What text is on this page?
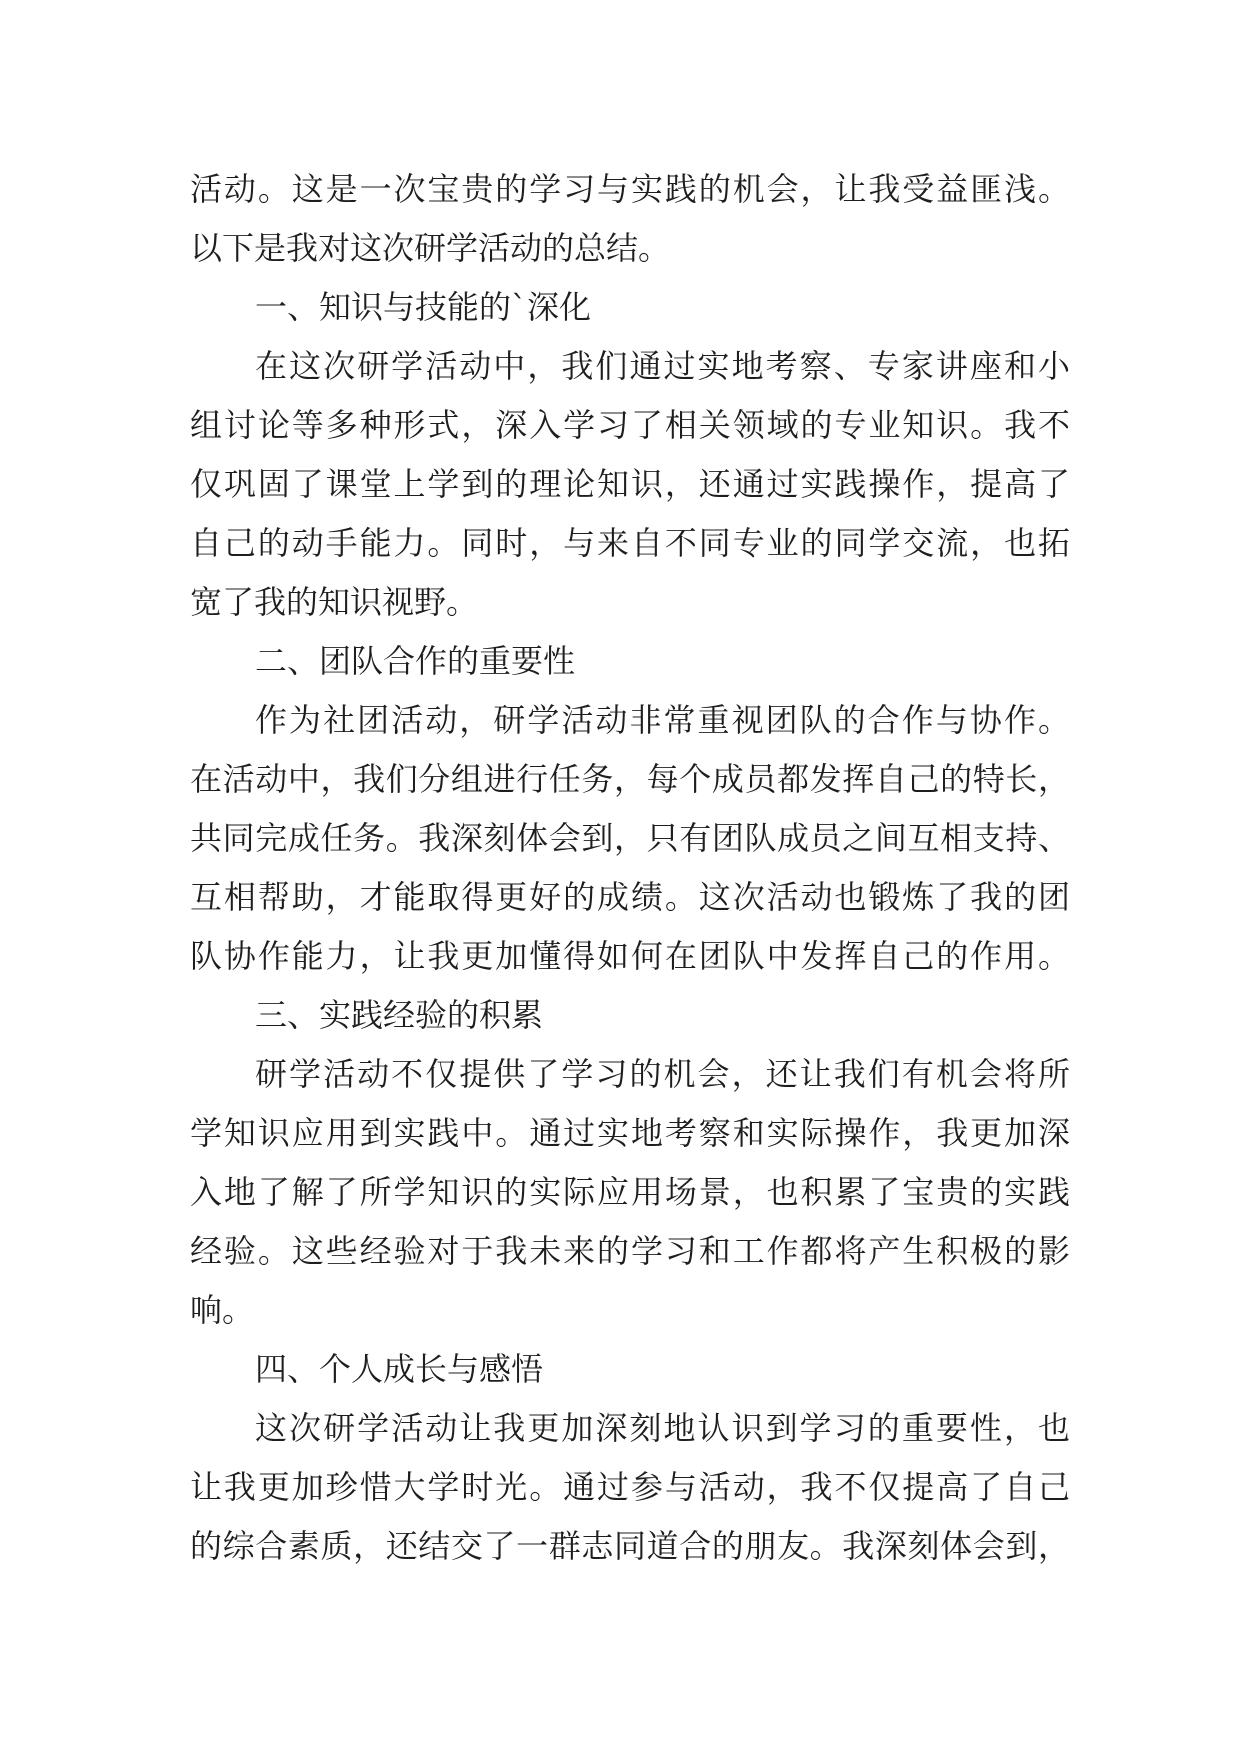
活动。这是一次宝贵的学习与实践的机会，让我受益匪浅。
以下是我对这次研学活动的总结。
一、知识与技能的`深化
在这次研学活动中，我们通过实地考察、专家讲座和小
组讨论等多种形式，深入学习了相关领域的专业知识。我不
仅巩固了课堂上学到的理论知识，还通过实践操作，提高了
自己的动手能力。同时，与来自不同专业的同学交流，也拓
宽了我的知识视野。
二、团队合作的重要性
作为社团活动，研学活动非常重视团队的合作与协作。
在活动中，我们分组进行任务，每个成员都发挥自己的特长，
共同完成任务。我深刻体会到，只有团队成员之间互相支持、
互相帮助，才能取得更好的成绩。这次活动也锻炼了我的团
队协作能力，让我更加懂得如何在团队中发挥自己的作用。
三、实践经验的积累
研学活动不仅提供了学习的机会，还让我们有机会将所
学知识应用到实践中。通过实地考察和实际操作，我更加深
入地了解了所学知识的实际应用场景，也积累了宝贵的实践
经验。这些经验对于我未来的学习和工作都将产生积极的影
响。
四、个人成长与感悟
这次研学活动让我更加深刻地认识到学习的重要性，也
让我更加珍惜大学时光。通过参与活动，我不仅提高了自己
的综合素质，还结交了一群志同道合的朋友。我深刻体会到，
